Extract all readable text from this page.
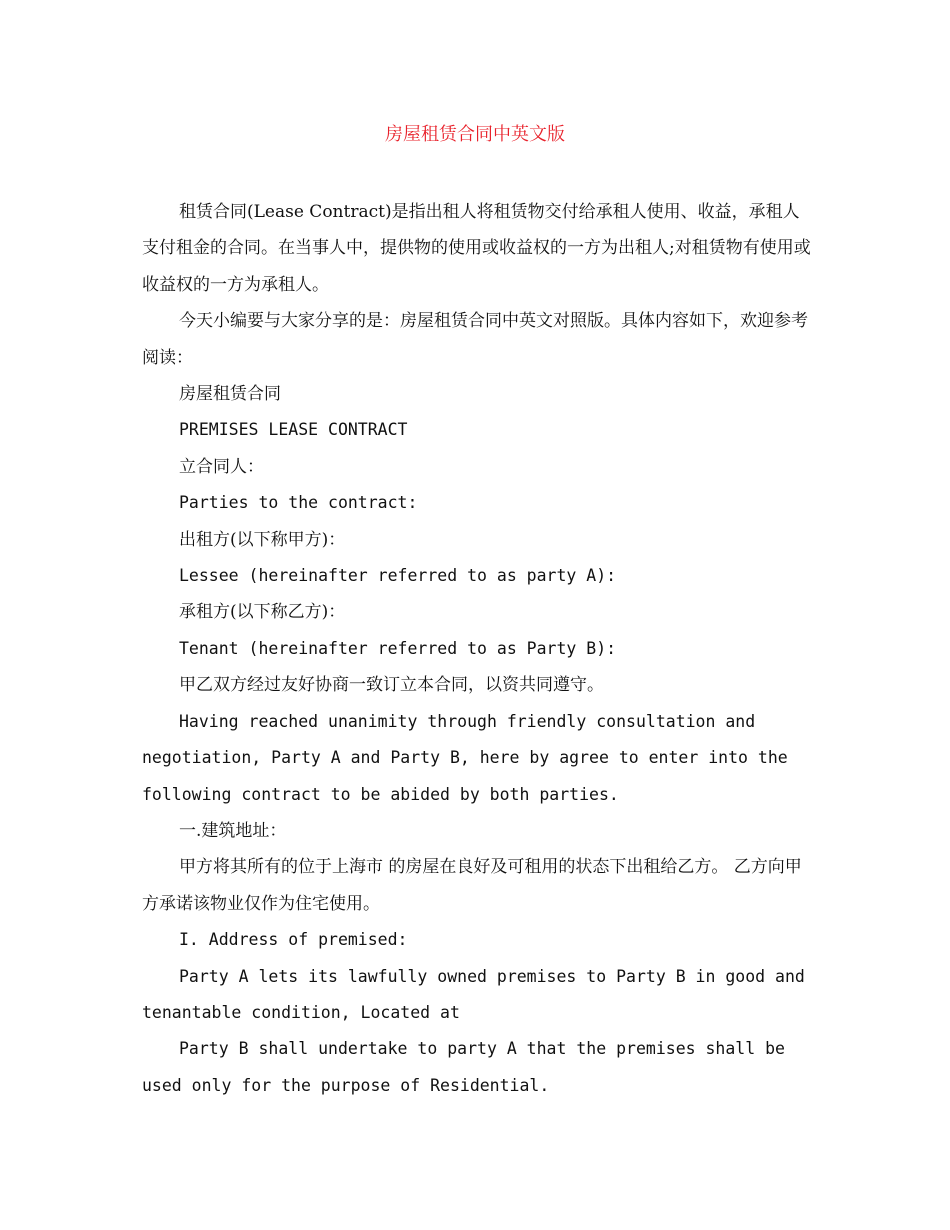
房屋租赁合同中英文版

租赁合同(Lease Contract)是指出租人将租赁物交付给承租人使用、收益，承租人支付租金的合同。在当事人中，提供物的使用或收益权的一方为出租人;对租赁物有使用或收益权的一方为承租人。

今天小编要与大家分享的是：房屋租赁合同中英文对照版。具体内容如下，欢迎参考阅读：

房屋租赁合同

PREMISES LEASE CONTRACT

立合同人：

Parties to the contract:

出租方(以下称甲方)：

Lessee (hereinafter referred to as party A):

承租方(以下称乙方)：

Tenant (hereinafter referred to as Party B):

甲乙双方经过友好协商一致订立本合同，以资共同遵守。

Having reached unanimity through friendly consultation and negotiation, Party A and Party B, here by agree to enter into the following contract to be abided by both parties.

一.建筑地址：

甲方将其所有的位于上海市 的房屋在良好及可租用的状态下出租给乙方。 乙方向甲方承诺该物业仅作为住宅使用。

I. Address of premised:

Party A lets its lawfully owned premises to Party B in good and tenantable condition, Located at

Party B shall undertake to party A that the premises shall be used only for the purpose of Residential.
